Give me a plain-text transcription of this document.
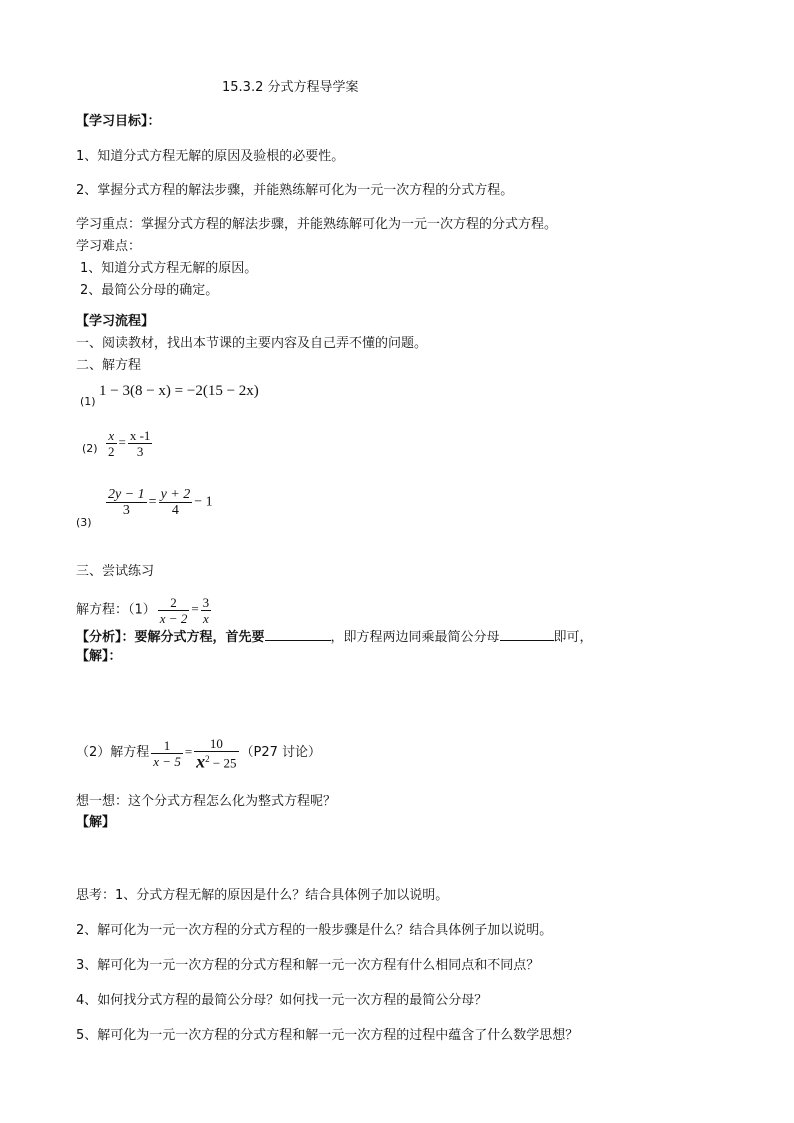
15.3.2 分式方程导学案
【学习目标】：
1、知道分式方程无解的原因及验根的必要性。
2、掌握分式方程的解法步骤，并能熟练解可化为一元一次方程的分式方程。
学习重点：掌握分式方程的解法步骤，并能熟练解可化为一元一次方程的分式方程。
学习难点：
1、知道分式方程无解的原因。
2、最简公分母的确定。
【学习流程】
一、阅读教材，找出本节课的主要内容及自己弄不懂的问题。
二、解方程
(1)
1 − 3(8 − x) = −2(15 − 2x)
$(2) \frac{x}{2} = \frac{x -1}{3}$
(3)
$\frac{2y - 1}{3} = \frac{y + 2}{4} - 1$
三、尝试练习
解方程：$(1) \frac{2}{x - 2} = \frac{3}{x}$
【分析】：要解分式方程，首先要	，即方程两边同乘最简公分母	即可，
【解】：
（2）解方程 $\frac{1}{x - 5} = \frac{10}{x^2 - 25} (P27$ 讨论）
想一想：这个分式方程怎么化为整式方程呢？
【解】
思考：1、分式方程无解的原因是什么？结合具体例子加以说明。
2、解可化为一元一次方程的分式方程的一般步骤是什么？结合具体例子加以说明。
3、解可化为一元一次方程的分式方程和解一元一次方程有什么相同点和不同点？
4、如何找分式方程的最简公分母？如何找一元一次方程的最简公分母？
5、解可化为一元一次方程的分式方程和解一元一次方程的过程中蕴含了什么数学思想？
